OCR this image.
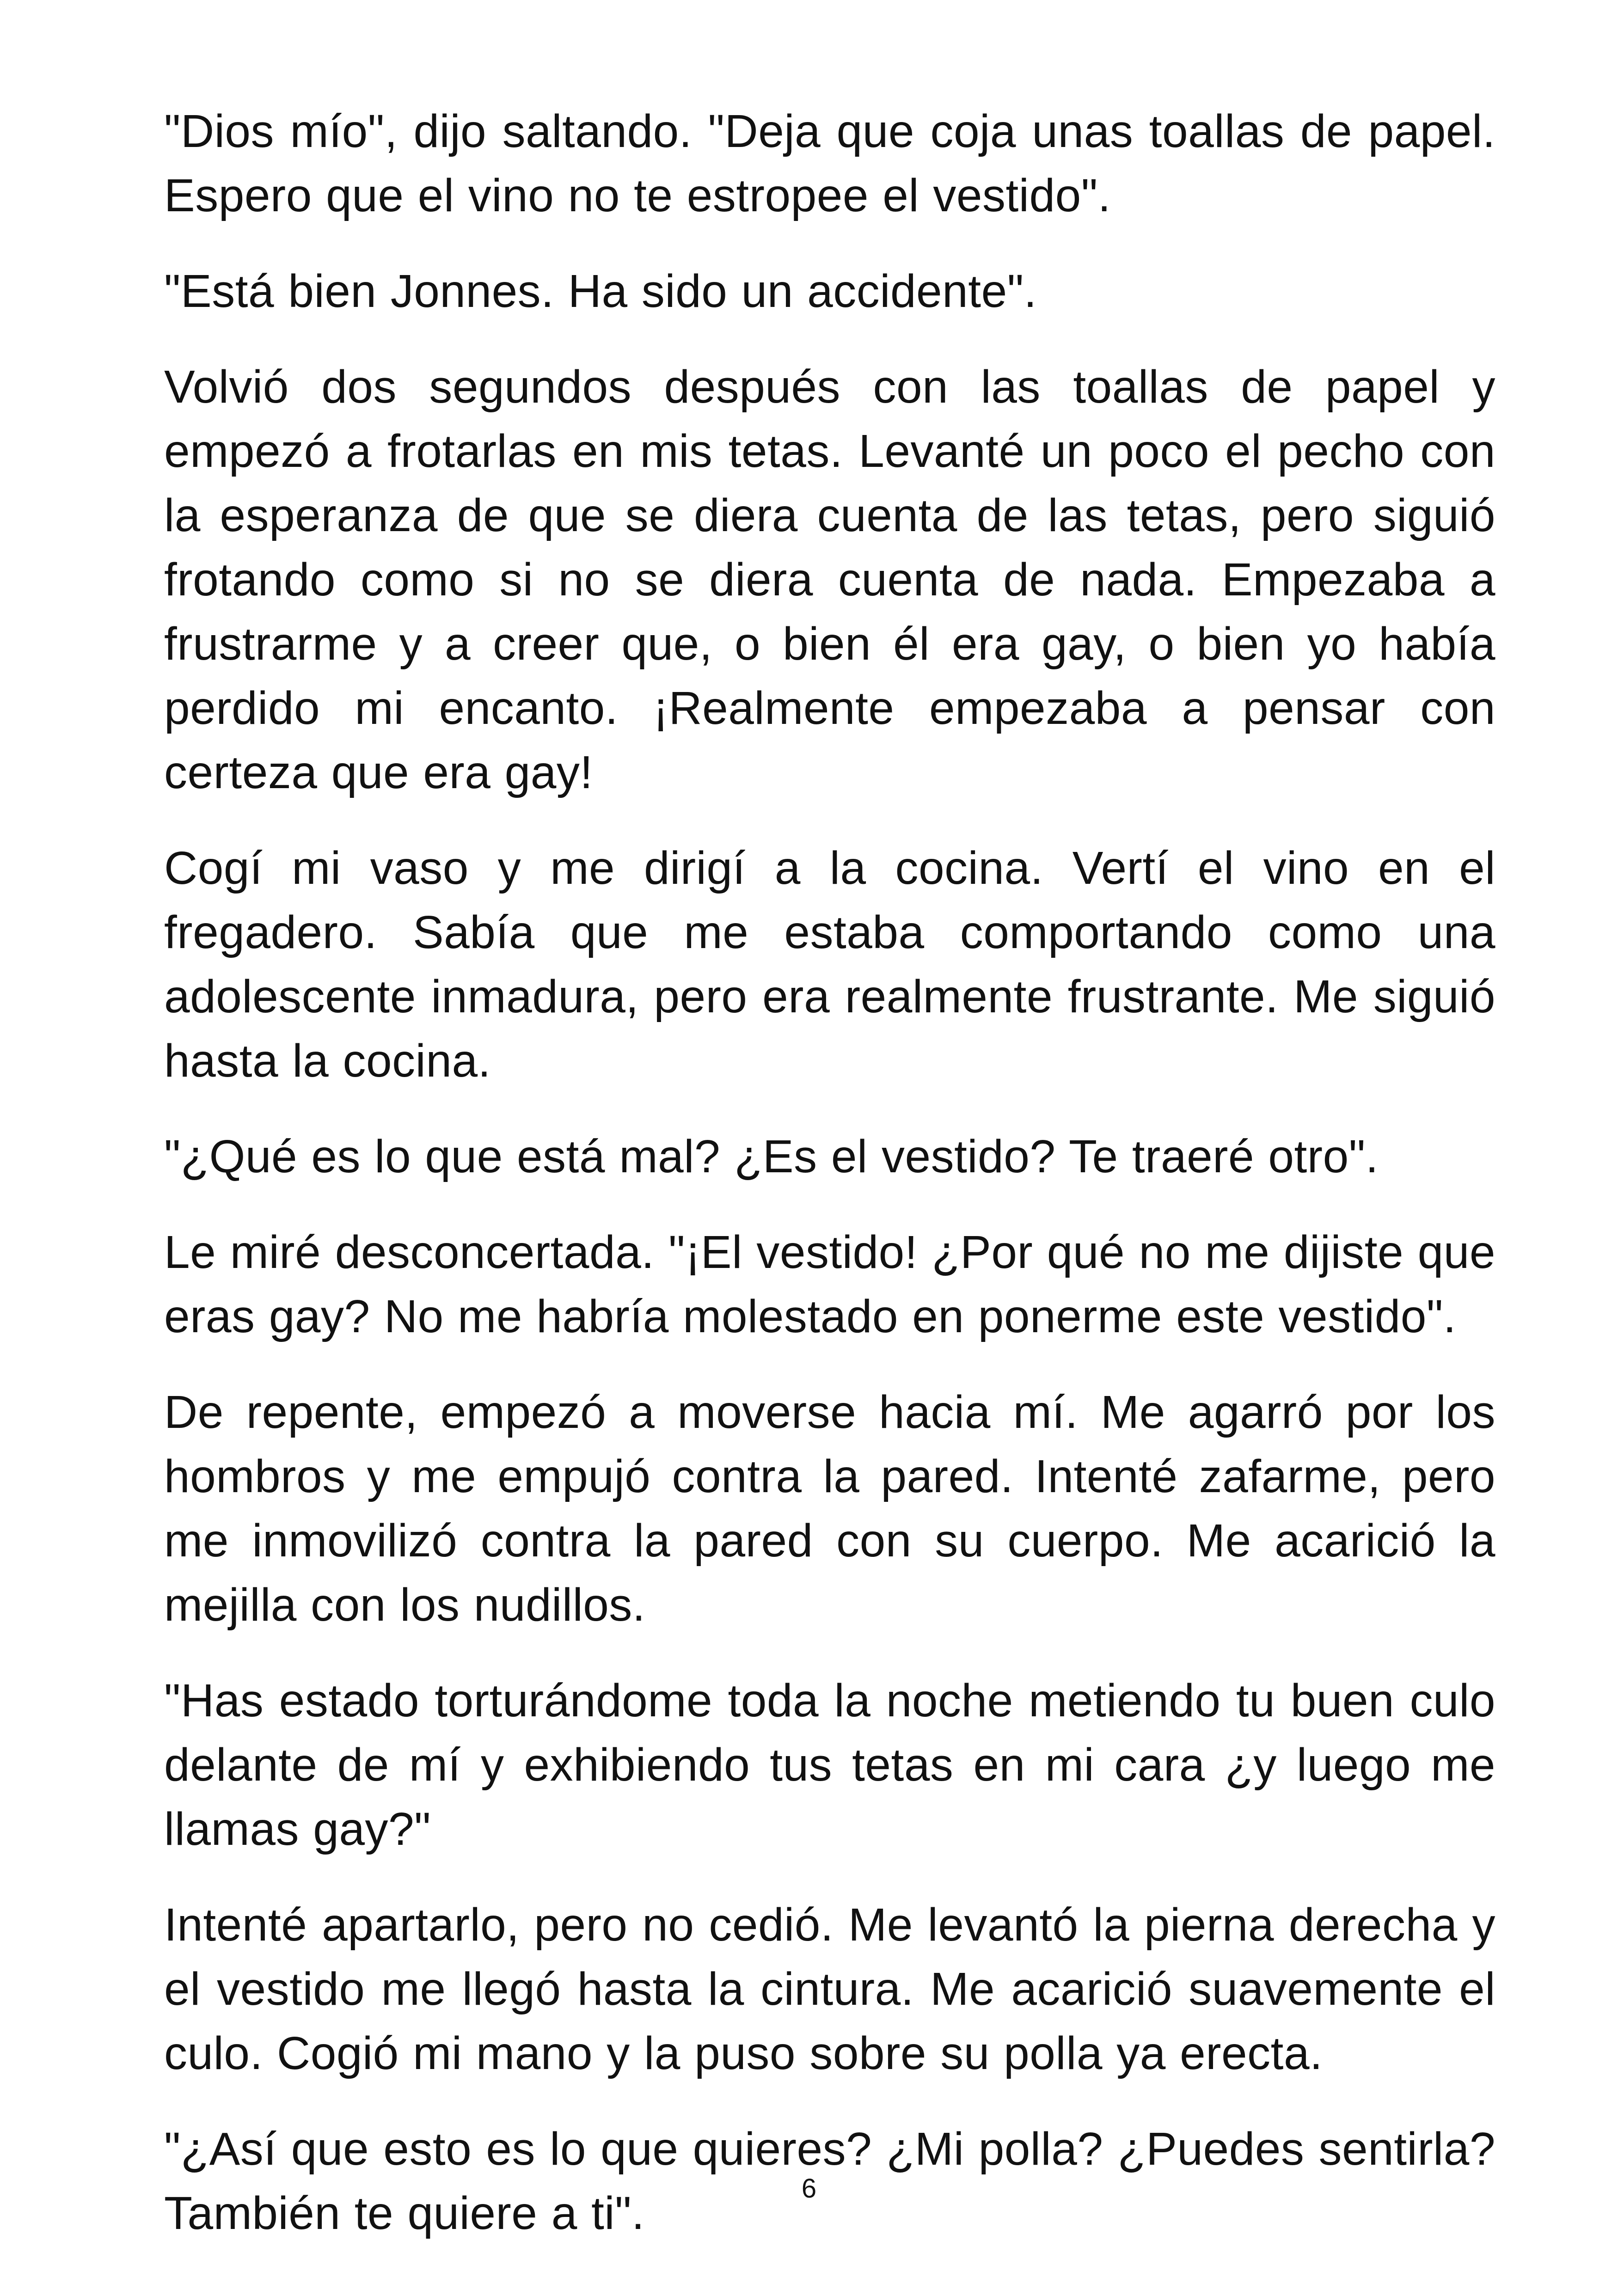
"Dios mío", dijo saltando. "Deja que coja unas toallas de papel. Espero que el vino no te estropee el vestido".

"Está bien Jonnes. Ha sido un accidente".

Volvió dos segundos después con las toallas de papel y empezó a frotarlas en mis tetas. Levanté un poco el pecho con la esperanza de que se diera cuenta de las tetas, pero siguió frotando como si no se diera cuenta de nada. Empezaba a frustrarme y a creer que, o bien él era gay, o bien yo había perdido mi encanto. ¡Realmente empezaba a pensar con certeza que era gay!

Cogí mi vaso y me dirigí a la cocina. Vertí el vino en el fregadero. Sabía que me estaba comportando como una adolescente inmadura, pero era realmente frustrante. Me siguió hasta la cocina.

"¿Qué es lo que está mal? ¿Es el vestido? Te traeré otro".

Le miré desconcertada. "¡El vestido! ¿Por qué no me dijiste que eras gay? No me habría molestado en ponerme este vestido".

De repente, empezó a moverse hacia mí. Me agarró por los hombros y me empujó contra la pared. Intenté zafarme, pero me inmovilizó contra la pared con su cuerpo. Me acarició la mejilla con los nudillos.

"Has estado torturándome toda la noche metiendo tu buen culo delante de mí y exhibiendo tus tetas en mi cara ¿y luego me llamas gay?"

Intenté apartarlo, pero no cedió. Me levantó la pierna derecha y el vestido me llegó hasta la cintura. Me acarició suavemente el culo. Cogió mi mano y la puso sobre su polla ya erecta.

"¿Así que esto es lo que quieres? ¿Mi polla? ¿Puedes sentirla? También te quiere a ti".	6
